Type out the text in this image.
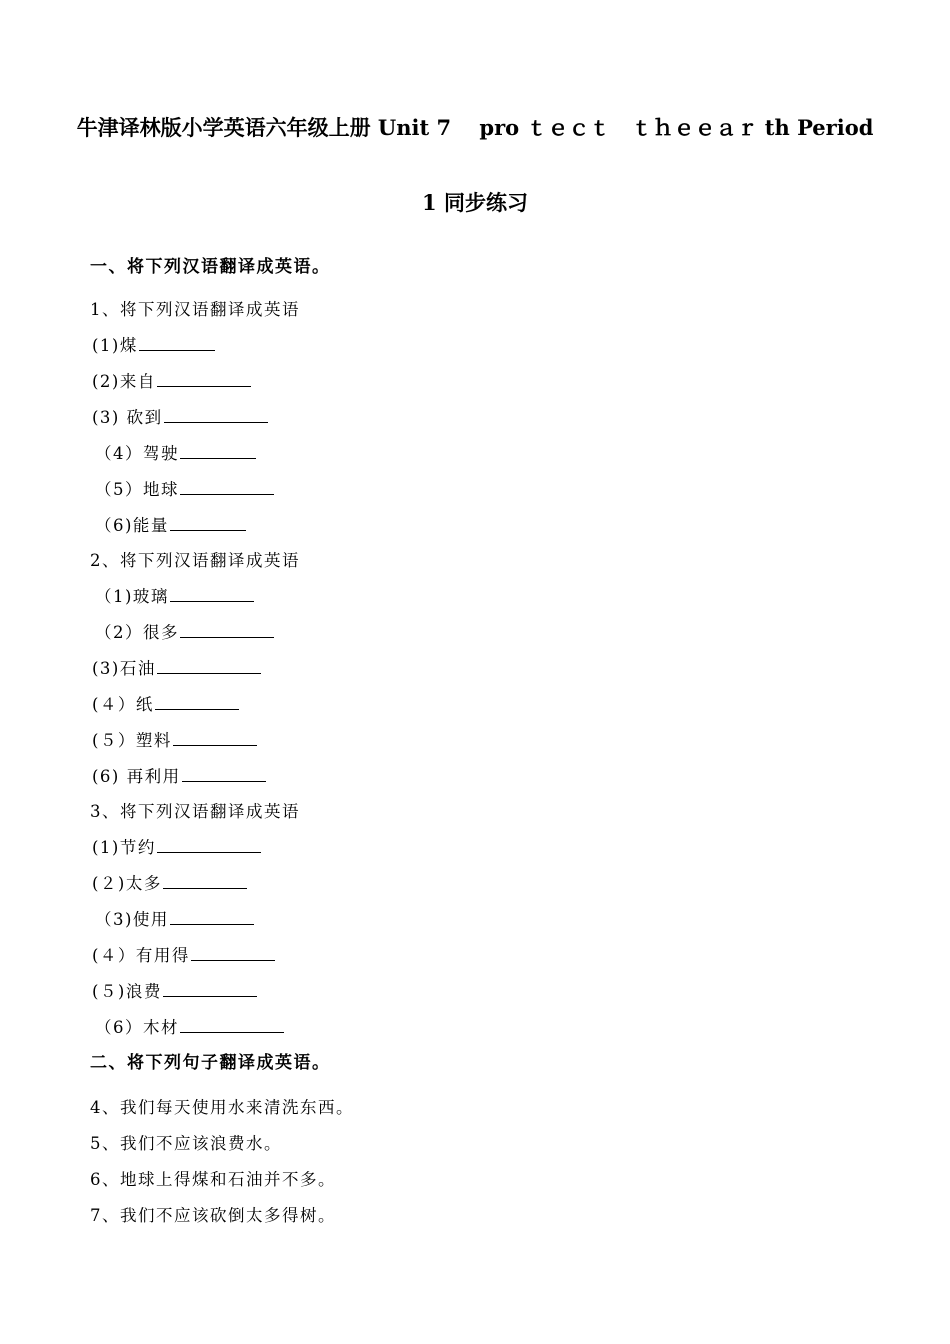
牛津译林版小学英语六年级上册 Unit 7　 pro ｔｅｃｔ　ｔｈｅｅａｒ th Period
1 同步练习
一、将下列汉语翻译成英语。
1、将下列汉语翻译成英语
(1)煤
(2)来自
(3) 砍到
（4）驾驶
（5）地球
（6)能量
2、将下列汉语翻译成英语
（1)玻璃
（2）很多
(3)石油
(４）纸
(５）塑料
(6) 再利用
3、将下列汉语翻译成英语
(1)节约
(２)太多
（3)使用
(４）有用得
(５)浪费
（6）木材
二、将下列句子翻译成英语。
4、我们每天使用水来清洗东西。
5、我们不应该浪费水。
6、地球上得煤和石油并不多。
7、我们不应该砍倒太多得树。
